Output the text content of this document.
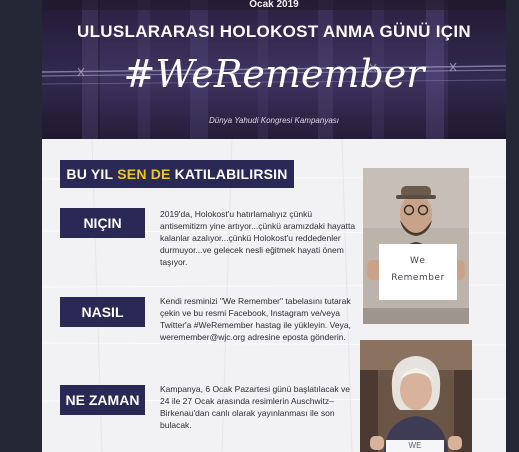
Ocak 2019
ULUSLARARASI HOLOKOST ANMA GÜNÜ IÇIN
#WeRemember
Dünya Yahudi Kongresi Kampanyası
BU YIL SEN DE KATILABILIRSIN
NIÇIN
2019'da, Holokost'u hatırlamalıyız çünkü antisemitizm yine artıyor...çünkü aramızdaki hayatta kalanlar azalıyor...çünkü Holokost'u reddedenler durmuyor...ve gelecek nesli eğitmek hayati önem taşıyor.
NASIL
Kendi resminizi "We Remember" tabelasını tutarak çekin ve bu resmi Facebook, Instagram ve/veya Twitter'a #WeRemember hastag ile yükleyin. Veya, weremember@wjc.org adresine eposta gönderin.
NE ZAMAN
Kampanya, 6 Ocak Pazartesi günü başlatılacak ve 24 ile 27 Ocak arasında resimlerin Auschwitz–Birkenau'dan canlı olarak yayınlanması ile son bulacak.
We
Remember
WE
